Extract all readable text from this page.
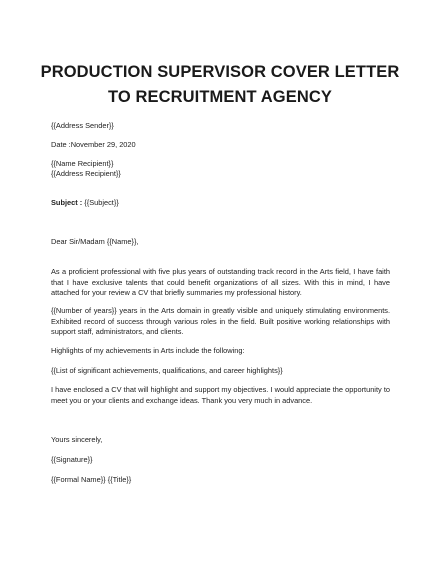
PRODUCTION SUPERVISOR COVER LETTER
TO RECRUITMENT AGENCY
{{Address Sender}}
Date :November 29, 2020
{{Name Recipient}}
{{Address Recipient}}
Subject : {{Subject}}
Dear Sir/Madam {{Name}},
As a proficient professional with five plus years of outstanding track record in the Arts field, I have faith that I have exclusive talents that could benefit organizations of all sizes. With this in mind, I have attached for your review a CV that briefly summaries my professional history.
{{Number of years}} years in the Arts domain in greatly visible and uniquely stimulating environments. Exhibited record of success through various roles in the field. Built positive working relationships with support staff, administrators, and clients.
Highlights of my achievements in Arts include the following:
{{List of significant achievements, qualifications, and career highlights}}
I have enclosed a CV that will highlight and support my objectives. I would appreciate the opportunity to meet you or your clients and exchange ideas. Thank you very much in advance.
Yours sincerely,
{{Signature}}
{{Formal Name}} {{Title}}
